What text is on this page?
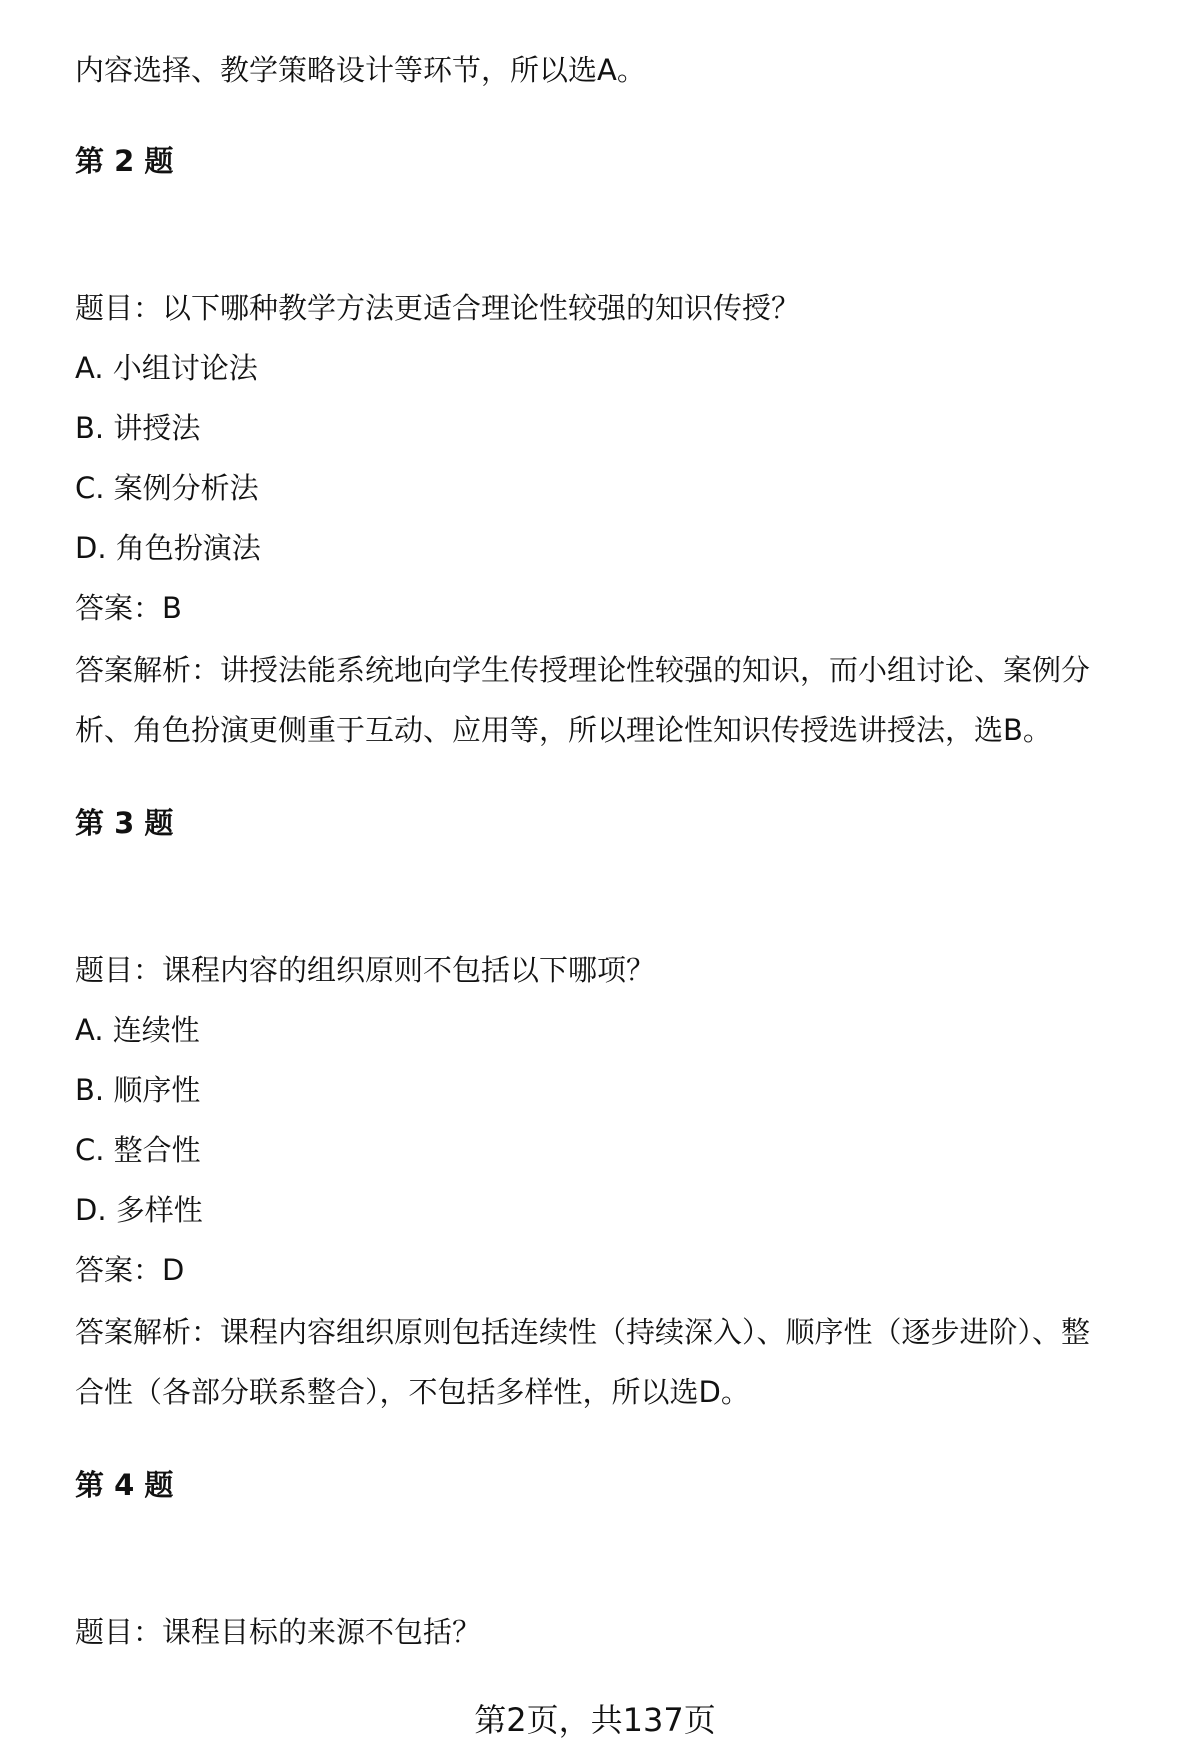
内容选择、教学策略设计等环节，所以选A。
第 2 题
题目：以下哪种教学方法更适合理论性较强的知识传授？
A. 小组讨论法
B. 讲授法
C. 案例分析法
D. 角色扮演法
答案：B
答案解析：讲授法能系统地向学生传授理论性较强的知识，而小组讨论、案例分
析、角色扮演更侧重于互动、应用等，所以理论性知识传授选讲授法，选B。
第 3 题
题目：课程内容的组织原则不包括以下哪项？
A. 连续性
B. 顺序性
C. 整合性
D. 多样性
答案：D
答案解析：课程内容组织原则包括连续性（持续深入）、顺序性（逐步进阶）、整
合性（各部分联系整合），不包括多样性，所以选D。
第 4 题
题目：课程目标的来源不包括？
第2页，共137页
